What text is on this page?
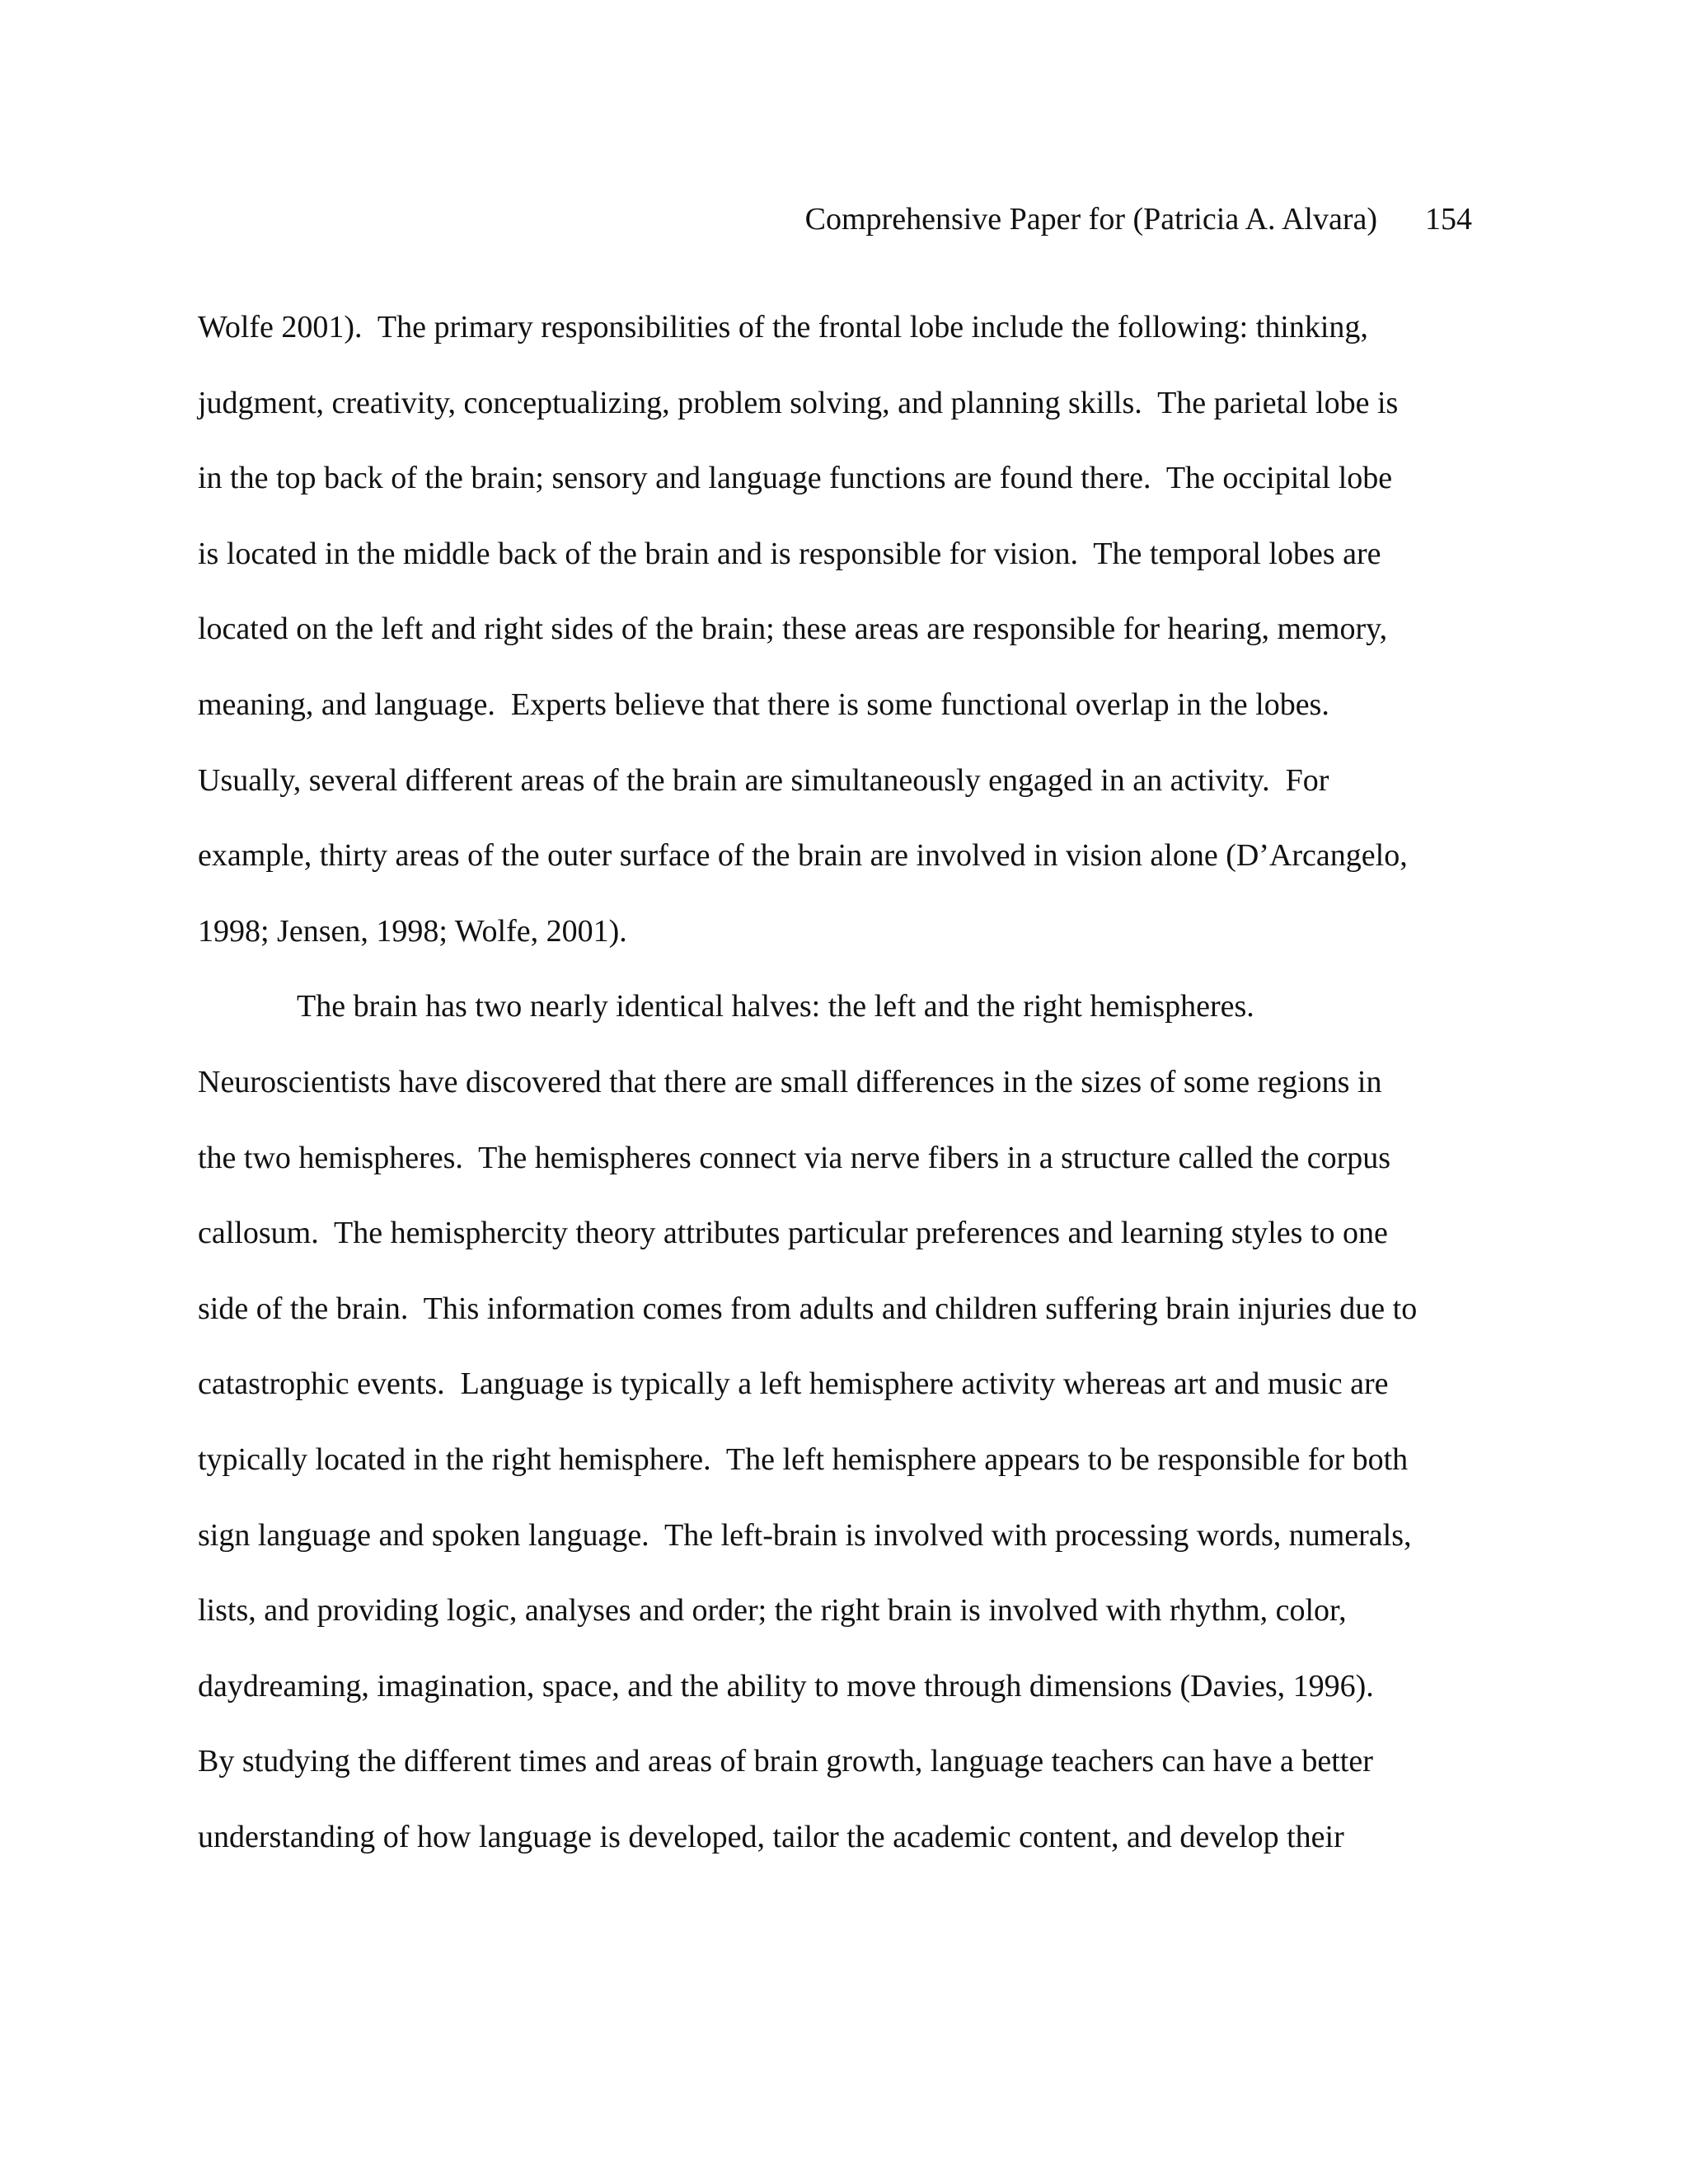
Comprehensive Paper for (Patricia A. Alvara) 154
Wolfe 2001).  The primary responsibilities of the frontal lobe include the following: thinking,
judgment, creativity, conceptualizing, problem solving, and planning skills.  The parietal lobe is
in the top back of the brain; sensory and language functions are found there.  The occipital lobe
is located in the middle back of the brain and is responsible for vision.  The temporal lobes are
located on the left and right sides of the brain; these areas are responsible for hearing, memory,
meaning, and language.  Experts believe that there is some functional overlap in the lobes.
Usually, several different areas of the brain are simultaneously engaged in an activity.  For
example, thirty areas of the outer surface of the brain are involved in vision alone (D’Arcangelo,
1998; Jensen, 1998; Wolfe, 2001).
The brain has two nearly identical halves: the left and the right hemispheres.
Neuroscientists have discovered that there are small differences in the sizes of some regions in
the two hemispheres.  The hemispheres connect via nerve fibers in a structure called the corpus
callosum.  The hemisphercity theory attributes particular preferences and learning styles to one
side of the brain.  This information comes from adults and children suffering brain injuries due to
catastrophic events.  Language is typically a left hemisphere activity whereas art and music are
typically located in the right hemisphere.  The left hemisphere appears to be responsible for both
sign language and spoken language.  The left-brain is involved with processing words, numerals,
lists, and providing logic, analyses and order; the right brain is involved with rhythm, color,
daydreaming, imagination, space, and the ability to move through dimensions (Davies, 1996).
By studying the different times and areas of brain growth, language teachers can have a better
understanding of how language is developed, tailor the academic content, and develop their
